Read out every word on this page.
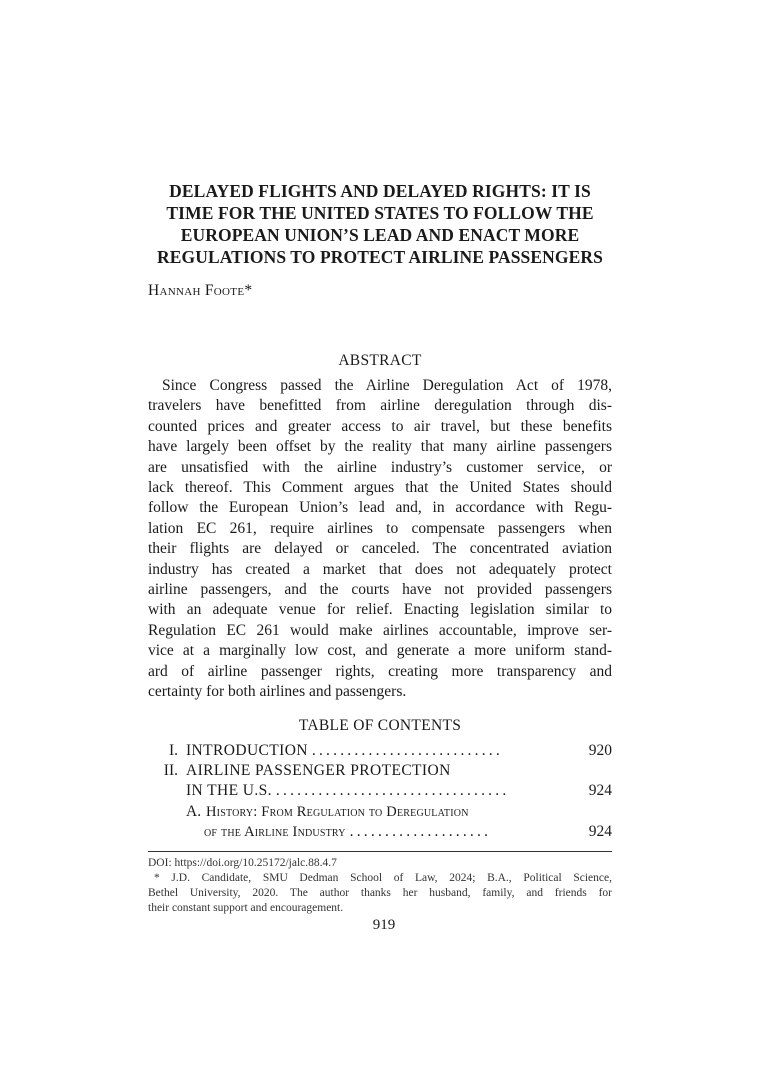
DELAYED FLIGHTS AND DELAYED RIGHTS: IT IS
TIME FOR THE UNITED STATES TO FOLLOW THE
EUROPEAN UNION’S LEAD AND ENACT MORE
REGULATIONS TO PROTECT AIRLINE PASSENGERS
Hannah Foote*
ABSTRACT
Since Congress passed the Airline Deregulation Act of 1978,
travelers have benefitted from airline deregulation through dis-
counted prices and greater access to air travel, but these benefits
have largely been offset by the reality that many airline passengers
are unsatisfied with the airline industry’s customer service, or
lack thereof. This Comment argues that the United States should
follow the European Union’s lead and, in accordance with Regu-
lation EC 261, require airlines to compensate passengers when
their flights are delayed or canceled. The concentrated aviation
industry has created a market that does not adequately protect
airline passengers, and the courts have not provided passengers
with an adequate venue for relief. Enacting legislation similar to
Regulation EC 261 would make airlines accountable, improve ser-
vice at a marginally low cost, and generate a more uniform stand-
ard of airline passenger rights, creating more transparency and
certainty for both airlines and passengers.
TABLE OF CONTENTS
I. INTRODUCTION ...........................	920
II. AIRLINE PASSENGER PROTECTION
IN THE U.S. .................................	924
A. History: From Regulation to Deregulation
of the Airline Industry ....................	924
DOI: https://doi.org/10.25172/jalc.88.4.7
* J.D. Candidate, SMU Dedman School of Law, 2024; B.A., Political Science,
Bethel University, 2020. The author thanks her husband, family, and friends for
their constant support and encouragement.
919
